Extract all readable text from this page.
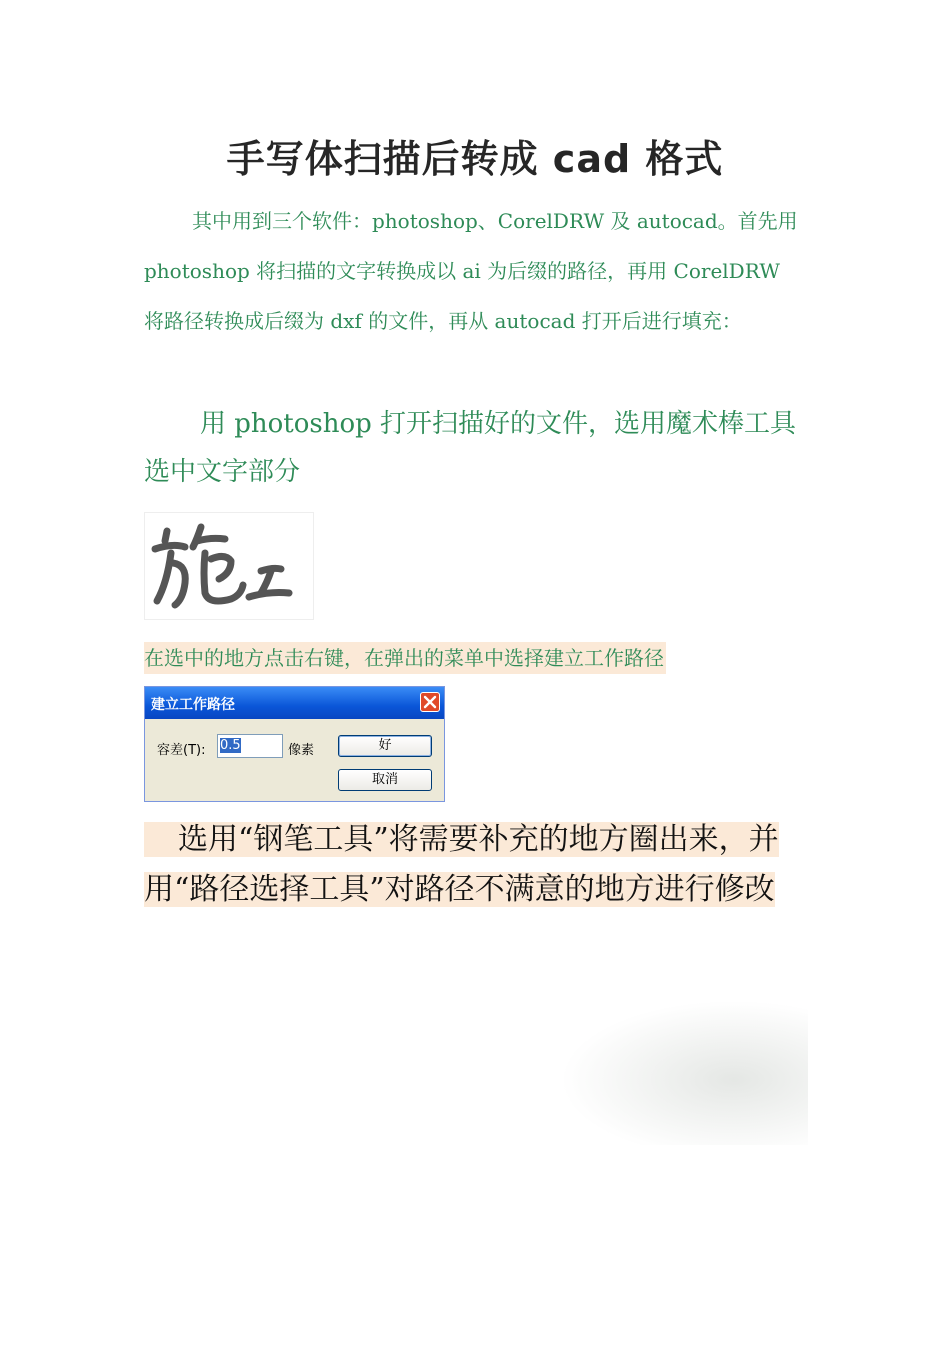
手写体扫描后转成 cad 格式
其中用到三个软件：photoshop、CorelDRW 及 autocad。首先用 photoshop 将扫描的文字转换成以 ai 为后缀的路径，再用 CorelDRW 将路径转换成后缀为 dxf 的文件，再从 autocad 打开后进行填充：
用 photoshop 打开扫描好的文件，选用魔术棒工具选中文字部分
在选中的地方点击右键，在弹出的菜单中选择建立工作路径
建立工作路径
容差(T): 0.5	像素	好
取消
选用“钢笔工具”将需要补充的地方圈出来，并用“路径选择工具”对路径不满意的地方进行修改
